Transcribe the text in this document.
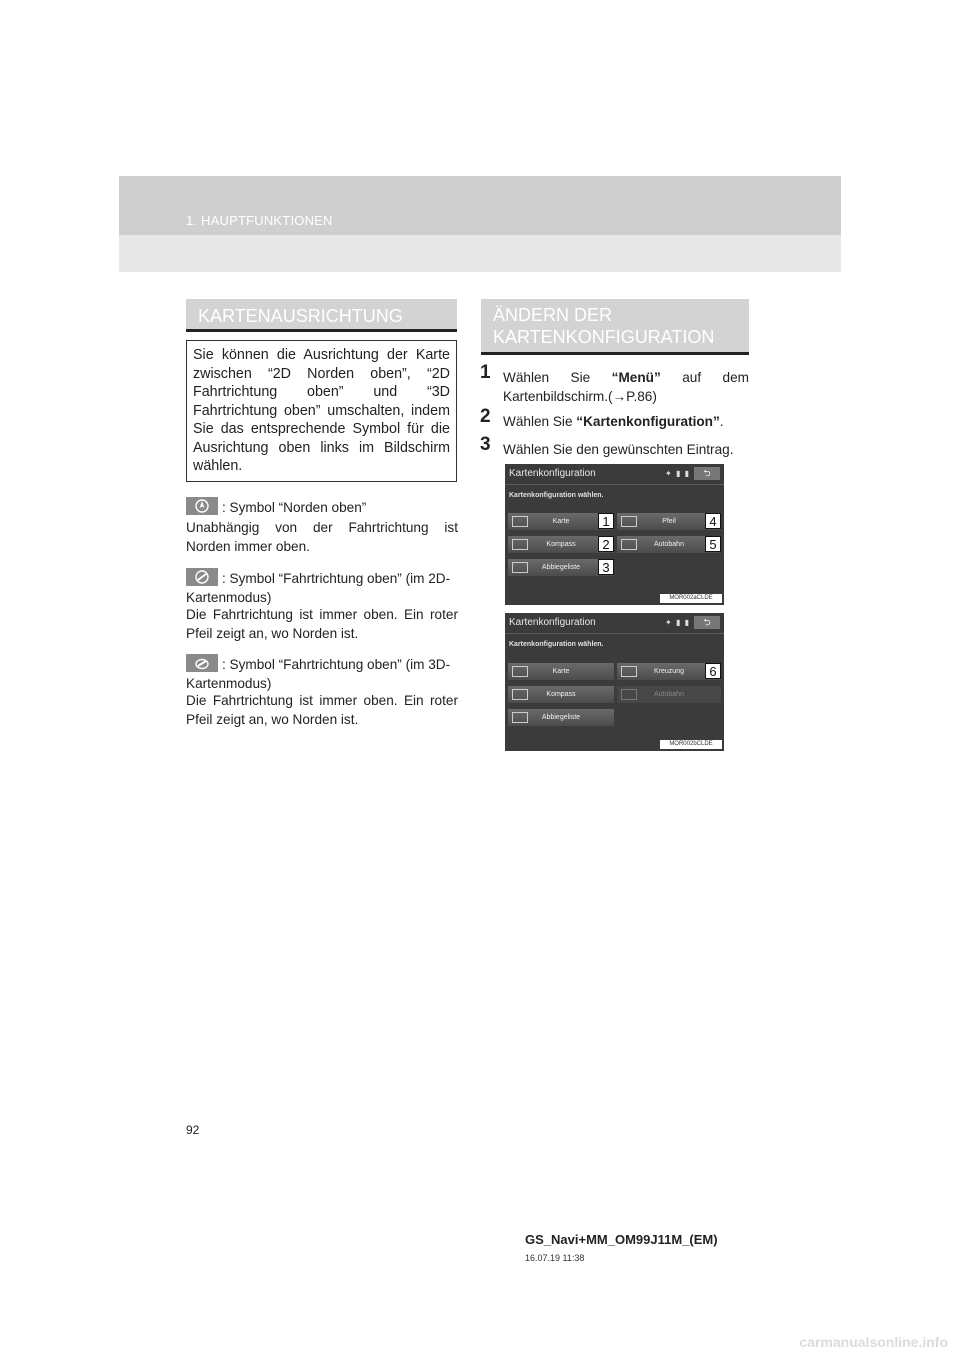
1. HAUPTFUNKTIONEN
KARTENAUSRICHTUNG
Sie können die Ausrichtung der Karte zwischen “2D Norden oben”, “2D Fahrtrichtung oben” und “3D Fahrtrichtung oben” umschalten, indem Sie das entsprechende Symbol für die Ausrichtung oben links im Bildschirm wählen.
: Symbol “Norden oben”
Unabhängig von der Fahrtrichtung ist Norden immer oben.
: Symbol “Fahrtrichtung oben” (im 2D-Kartenmodus)
Die Fahrtrichtung ist immer oben. Ein roter Pfeil zeigt an, wo Norden ist.
: Symbol “Fahrtrichtung oben” (im 3D-Kartenmodus)
Die Fahrtrichtung ist immer oben. Ein roter Pfeil zeigt an, wo Norden ist.
ÄNDERN DER
KARTENKONFIGURATION
1 Wählen Sie “Menü” auf dem Kartenbildschirm.(→P.86)
2 Wählen Sie “Kartenkonfiguration”.
3 Wählen Sie den gewünschten Eintrag.
Kartenkonfiguration	✦ ▮ ▮	⮌
Kartenkonfiguration wählen.
Karte	1	Pfeil	4
Kompass	2	Autobahn	5
Abbiegeliste	3
MOR002aCLDE
Kartenkonfiguration	✦ ▮ ▮	⮌
Kartenkonfiguration wählen.
Karte	Kreuzung	6
Kompass	Autobahn
Abbiegeliste
MOR002bCLDE
92
GS_Navi+MM_OM99J11M_(EM)
16.07.19 11:38
carmanualsonline.info
